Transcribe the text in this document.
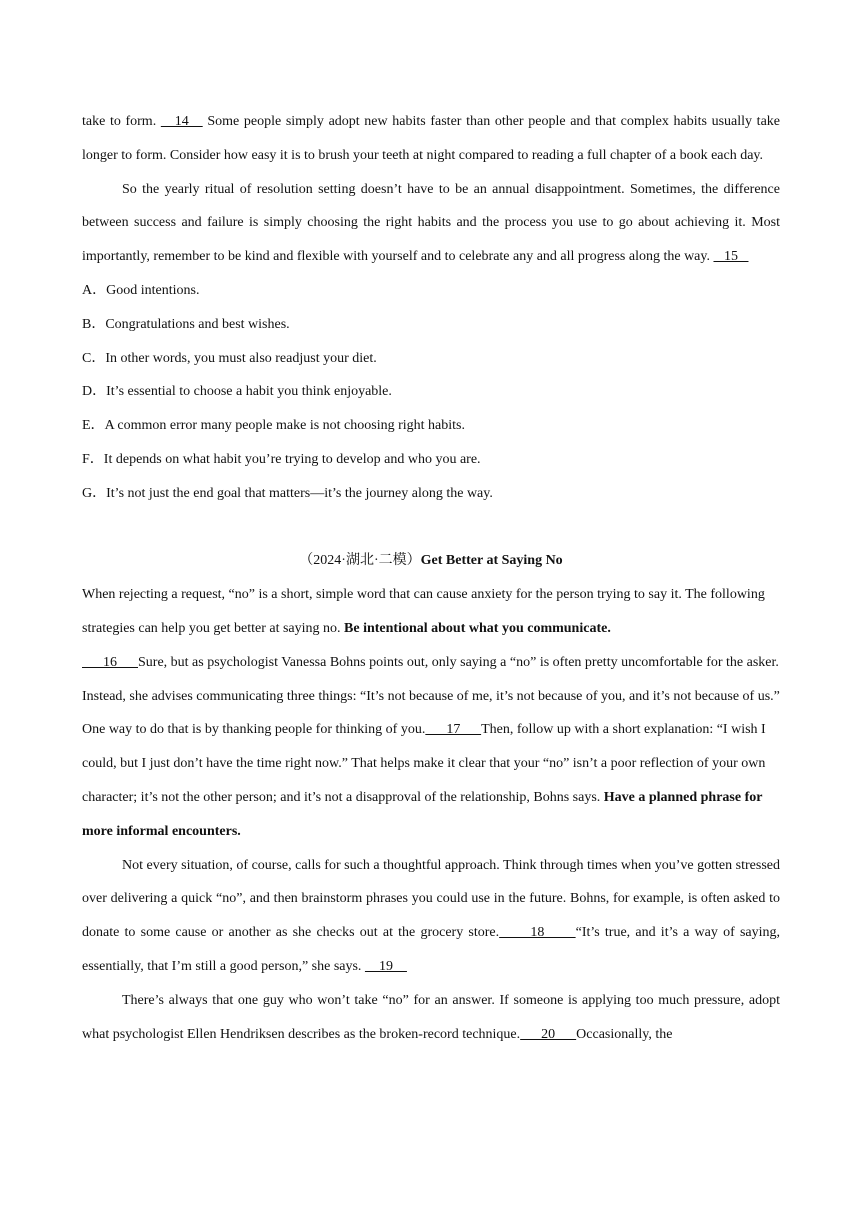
take to form.    14    Some people simply adopt new habits faster than other people and that complex habits usually take longer to form. Consider how easy it is to brush your teeth at night compared to reading a full chapter of a book each day.

So the yearly ritual of resolution setting doesn’t have to be an annual disappointment. Sometimes, the difference between success and failure is simply choosing the right habits and the process you use to go about achieving it. Most importantly, remember to be kind and flexible with yourself and to celebrate any and all progress along the way.    15

A．Good intentions.

B．Congratulations and best wishes.

C．In other words, you must also readjust your diet.

D．It’s essential to choose a habit you think enjoyable.

E．A common error many people make is not choosing right habits.

F．It depends on what habit you’re trying to develop and who you are.

G．It’s not just the end goal that matters—it’s the journey along the way.

（2024·湖北·二模）Get Better at Saying No

When rejecting a request, “no” is a short, simple word that can cause anxiety for the person trying to say it. The following strategies can help you get better at saying no. Be intentional about what you communicate.
16      Sure, but as psychologist Vanessa Bohns points out, only saying a “no” is often pretty uncomfortable for the asker. Instead, she advises communicating three things: “It’s not because of me, it’s not because of you, and it’s not because of us.” One way to do that is by thanking people for thinking of you.      17      Then, follow up with a short explanation: “I wish I could, but I just don’t have the time right now.” That helps make it clear that your “no” isn’t a poor reflection of your own character; it’s not the other person; and it’s not a disapproval of the relationship, Bohns says. Have a planned phrase for more informal encounters.

Not every situation, of course, calls for such a thoughtful approach. Think through times when you’ve gotten stressed over delivering a quick “no”, and then brainstorm phrases you could use in the future. Bohns, for example, is often asked to donate to some cause or another as she checks out at the grocery store.      18      “It’s true, and it’s a way of saying, essentially, that I’m still a good person,” she says.     19

There’s always that one guy who won’t take “no” for an answer. If someone is applying too much pressure, adopt what psychologist Ellen Hendriksen describes as the broken-record technique.      20      Occasionally, the
